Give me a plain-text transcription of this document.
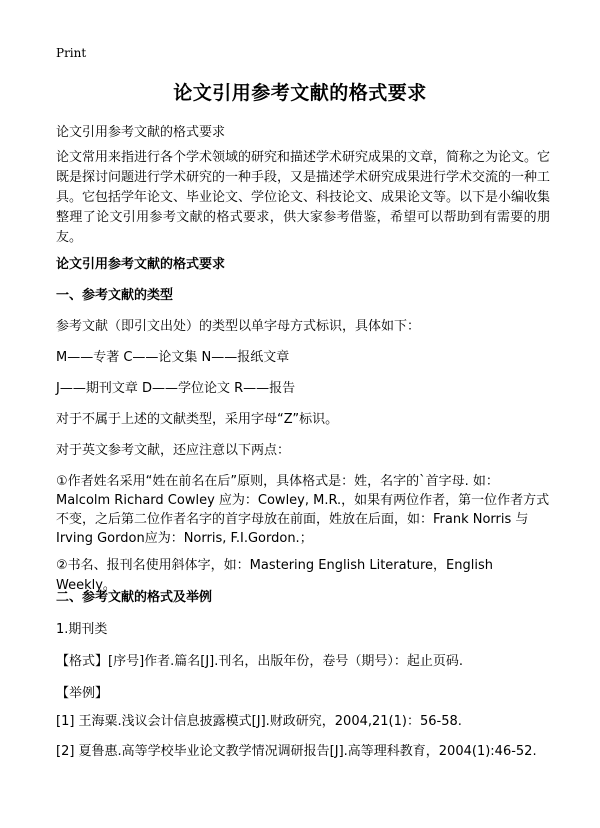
Print
论文引用参考文献的格式要求
论文引用参考文献的格式要求
论文常用来指进行各个学术领域的研究和描述学术研究成果的文章，简称之为论文。它既是探讨问题进行学术研究的一种手段，又是描述学术研究成果进行学术交流的一种工具。它包括学年论文、毕业论文、学位论文、科技论文、成果论文等。以下是小编收集整理了论文引用参考文献的格式要求，供大家参考借鉴，希望可以帮助到有需要的朋友。
论文引用参考文献的格式要求
一、参考文献的类型
参考文献（即引文出处）的类型以单字母方式标识，具体如下：
M——专著 C——论文集 N——报纸文章
J——期刊文章 D——学位论文 R——报告
对于不属于上述的文献类型，采用字母“Z”标识。
对于英文参考文献，还应注意以下两点：
①作者姓名采用“姓在前名在后”原则，具体格式是：姓，名字的`首字母. 如：Malcolm Richard Cowley 应为：Cowley, M.R.，如果有两位作者，第一位作者方式不变，之后第二位作者名字的首字母放在前面，姓放在后面，如：Frank Norris 与Irving Gordon应为：Norris, F.I.Gordon.；
②书名、报刊名使用斜体字，如：Mastering English Literature，English Weekly。
二、参考文献的格式及举例
1.期刊类
【格式】[序号]作者.篇名[J].刊名，出版年份，卷号（期号）：起止页码.
【举例】
[1] 王海粟.浅议会计信息披露模式[J].财政研究，2004,21(1)：56-58.
[2] 夏鲁惠.高等学校毕业论文教学情况调研报告[J].高等理科教育，2004(1):46-52.
